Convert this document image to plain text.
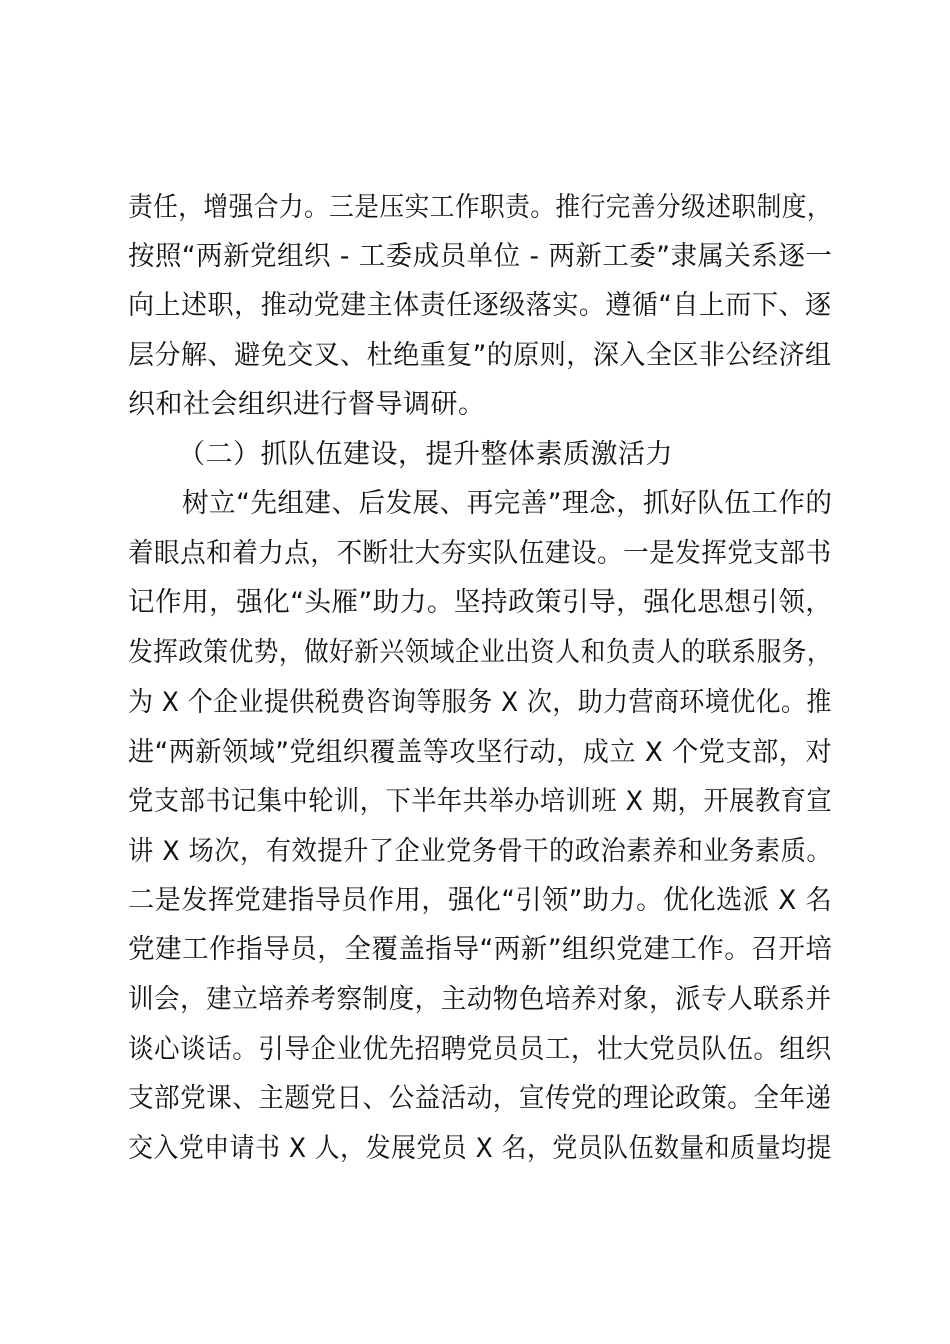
责任，增强合力。三是压实工作职责。推行完善分级述职制度，
按照“两新党组织 - 工委成员单位 - 两新工委”隶属关系逐一
向上述职，推动党建主体责任逐级落实。遵循“自上而下、逐
层分解、避免交叉、杜绝重复”的原则，深入全区非公经济组
织和社会组织进行督导调研。
（二）抓队伍建设，提升整体素质激活力
树立“先组建、后发展、再完善”理念，抓好队伍工作的
着眼点和着力点，不断壮大夯实队伍建设。一是发挥党支部书
记作用，强化“头雁”助力。坚持政策引导，强化思想引领，
发挥政策优势，做好新兴领域企业出资人和负责人的联系服务，
为 X 个企业提供税费咨询等服务 X 次，助力营商环境优化。推
进“两新领域”党组织覆盖等攻坚行动，成立 X 个党支部，对
党支部书记集中轮训，下半年共举办培训班 X 期，开展教育宣
讲 X 场次，有效提升了企业党务骨干的政治素养和业务素质。
二是发挥党建指导员作用，强化“引领”助力。优化选派 X 名
党建工作指导员，全覆盖指导“两新”组织党建工作。召开培
训会，建立培养考察制度，主动物色培养对象，派专人联系并
谈心谈话。引导企业优先招聘党员员工，壮大党员队伍。组织
支部党课、主题党日、公益活动，宣传党的理论政策。全年递
交入党申请书 X 人，发展党员 X 名，党员队伍数量和质量均提
